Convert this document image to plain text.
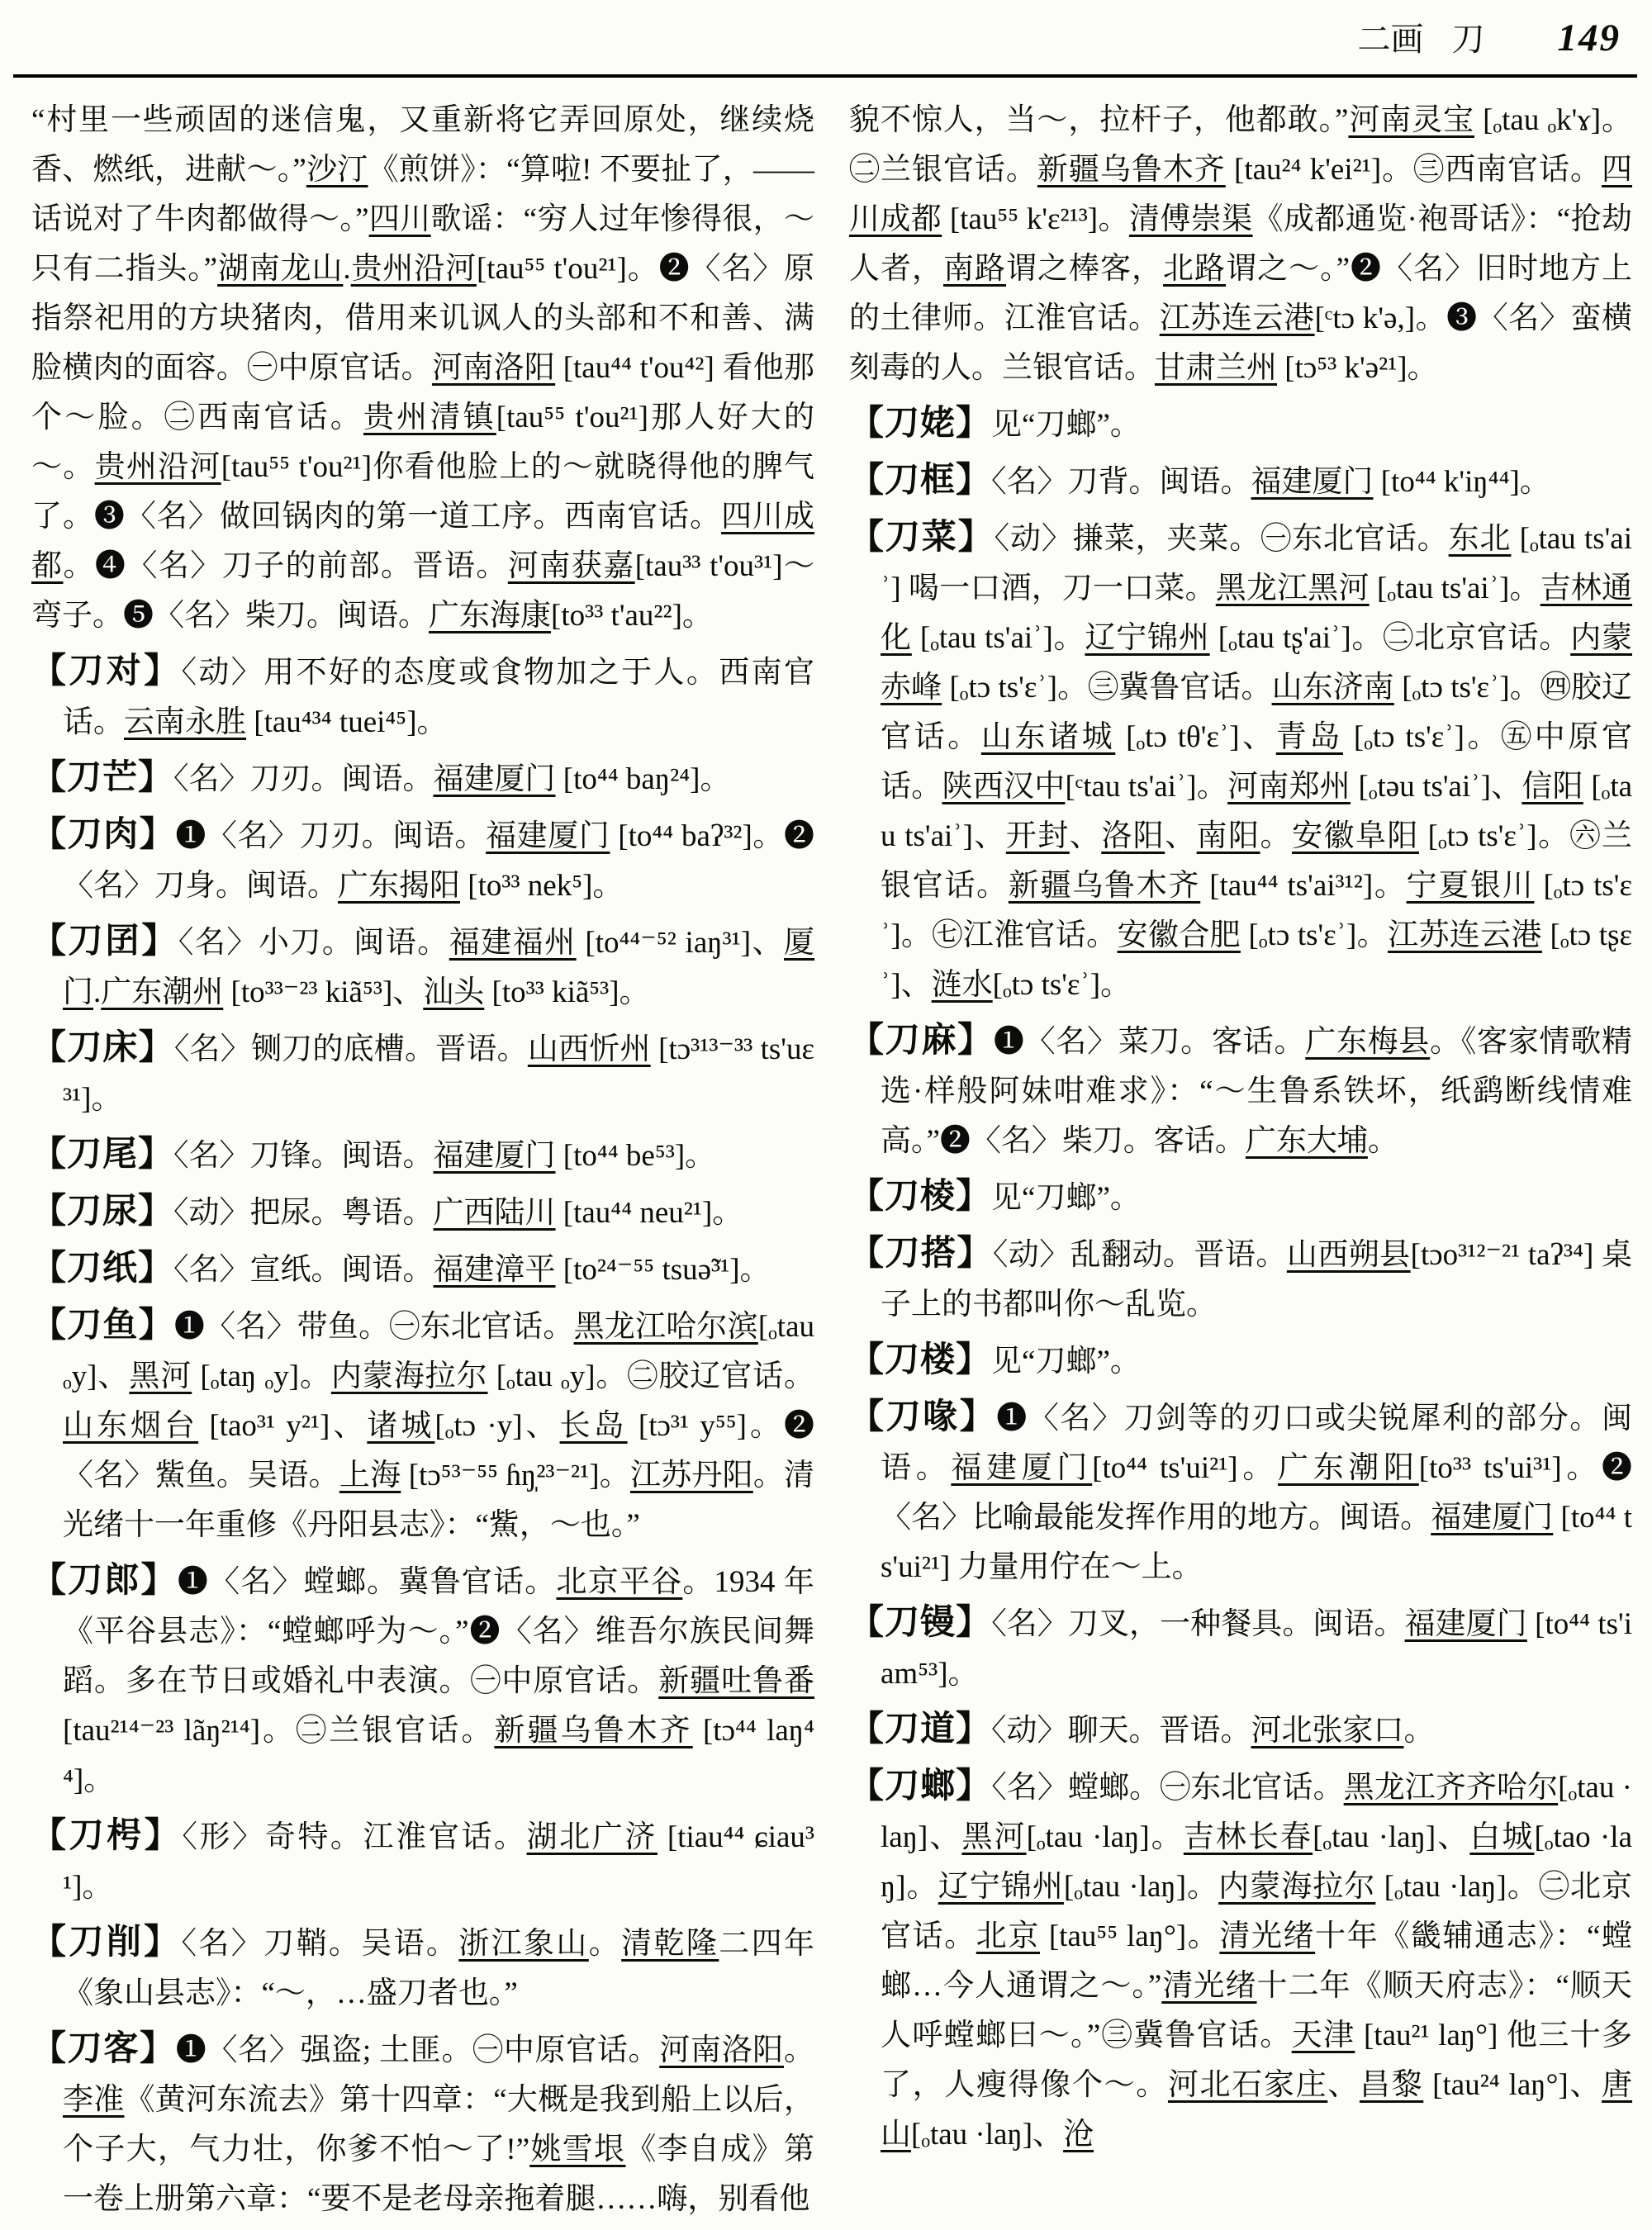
二画 刀 149
“村里一些顽固的迷信鬼，又重新将它弄回原处，继续烧香、燃纸，进献～。”沙汀《煎饼》：“算啦! 不要扯了，——话说对了牛肉都做得～。”四川歌谣：“穷人过年惨得很，～只有二指头。”湖南龙山.贵州沿河[tau⁵⁵ t'ou²¹]。❷〈名〉原指祭祀用的方块猪肉，借用来讥讽人的头部和不和善、满脸横肉的面容。㊀中原官话。河南洛阳 [tau⁴⁴ t'ou⁴²] 看他那个～脸。㊁西南官话。贵州清镇[tau⁵⁵ t'ou²¹]那人好大的～。贵州沿河[tau⁵⁵ t'ou²¹]你看他脸上的～就晓得他的脾气了。❸〈名〉做回锅肉的第一道工序。西南官话。四川成都。❹〈名〉刀子的前部。晋语。河南获嘉[tau³³ t'ou³¹]～弯子。❺〈名〉柴刀。闽语。广东海康[to³³ t'au²²]。
【刀对】〈动〉用不好的态度或食物加之于人。西南官话。云南永胜 [tau⁴³⁴ tuei⁴⁵]。
【刀芒】〈名〉刀刃。闽语。福建厦门 [to⁴⁴ baŋ²⁴]。
【刀肉】❶〈名〉刀刃。闽语。福建厦门 [to⁴⁴ baʔ³²]。❷〈名〉刀身。闽语。广东揭阳 [to³³ nek⁵]。
【刀囝】〈名〉小刀。闽语。福建福州 [to⁴⁴⁻⁵² iaŋ³¹]、厦门.广东潮州 [to³³⁻²³ kiã⁵³]、汕头 [to³³ kiã⁵³]。
【刀床】〈名〉铡刀的底槽。晋语。山西忻州 [tɔ³¹³⁻³³ ts'uɛ³¹]。
【刀尾】〈名〉刀锋。闽语。福建厦门 [to⁴⁴ be⁵³]。
【刀尿】〈动〉把尿。粤语。广西陆川 [tau⁴⁴ neu²¹]。
【刀纸】〈名〉宣纸。闽语。福建漳平 [to²⁴⁻⁵⁵ tsuə̃³¹]。
【刀鱼】❶〈名〉带鱼。㊀东北官话。黑龙江哈尔滨[ₒtau ₒy]、黑河 [ₒtaŋ ₒy]。内蒙海拉尔 [ₒtau ₒy]。㊁胶辽官话。山东烟台 [tao³¹ y²¹]、诸城[ₒtɔ ·y]、长岛 [tɔ³¹ y⁵⁵]。❷〈名〉鮆鱼。吴语。上海 [tɔ⁵³⁻⁵⁵ ɦŋ̩²³⁻²¹]。江苏丹阳。清光绪十一年重修《丹阳县志》：“鮆，～也。”
【刀郎】❶〈名〉螳螂。冀鲁官话。北京平谷。1934 年《平谷县志》：“螳螂呼为～。”❷〈名〉维吾尔族民间舞蹈。多在节日或婚礼中表演。㊀中原官话。新疆吐鲁番 [tau²¹⁴⁻²³ lãŋ²¹⁴]。㊁兰银官话。新疆乌鲁木齐 [tɔ⁴⁴ laŋ⁴⁴]。
【刀枵】〈形〉奇特。江淮官话。湖北广济 [tiau⁴⁴ ɕiau³¹]。
【刀削】〈名〉刀鞘。吴语。浙江象山。清乾隆二四年《象山县志》：“～，…盛刀者也。”
【刀客】❶〈名〉强盗; 土匪。㊀中原官话。河南洛阳。李准《黄河东流去》第十四章：“大概是我到船上以后，个子大，气力壮，你爹不怕～了!”姚雪垠《李自成》第一卷上册第六章：“要不是老母亲拖着腿……嗨，别看他
貌不惊人，当～，拉杆子，他都敢。”河南灵宝 [ₒtau ₒk'ɤ]。㊁兰银官话。新疆乌鲁木齐 [tau²⁴ k'ei²¹]。㊂西南官话。四川成都 [tau⁵⁵ k'ɛ²¹³]。清傅崇渠《成都通览·袍哥话》：“抢劫人者，南路谓之棒客，北路谓之～。”❷〈名〉旧时地方上的土律师。江淮官话。江苏连云港[ᶜtɔ k'ə,]。❸〈名〉蛮横刻毒的人。兰银官话。甘肃兰州 [tɔ⁵³ k'ə²¹]。
【刀姥】见“刀螂”。
【刀框】〈名〉刀背。闽语。福建厦门 [to⁴⁴ k'iŋ⁴⁴]。
【刀菜】〈动〉搛菜，夹菜。㊀东北官话。东北 [ₒtau ts'aiʾ] 喝一口酒，刀一口菜。黑龙江黑河 [ₒtau ts'aiʾ]。吉林通化 [ₒtau ts'aiʾ]。辽宁锦州 [ₒtau tʂ'aiʾ]。㊁北京官话。内蒙赤峰 [ₒtɔ ts'ɛʾ]。㊂冀鲁官话。山东济南 [ₒtɔ ts'ɛʾ]。㊃胶辽官话。山东诸城 [ₒtɔ tθ'ɛʾ]、青岛 [ₒtɔ ts'ɛʾ]。㊄中原官话。陕西汉中[ᶜtau ts'aiʾ]。河南郑州 [ₒtəu ts'aiʾ]、信阳 [ₒtau ts'aiʾ]、开封、洛阳、南阳。安徽阜阳 [ₒtɔ ts'ɛʾ]。㊅兰银官话。新疆乌鲁木齐 [tau⁴⁴ ts'ai³¹²]。宁夏银川 [ₒtɔ ts'ɛʾ]。㊆江淮官话。安徽合肥 [ₒtɔ ts'ɛʾ]。江苏连云港 [ₒtɔ tʂɛʾ]、涟水[ₒtɔ ts'ɛʾ]。
【刀麻】❶〈名〉菜刀。客话。广东梅县。《客家情歌精选·样般阿妹咁难求》：“～生鲁系铁坏，纸鹞断线情难高。”❷〈名〉柴刀。客话。广东大埔。
【刀棱】见“刀螂”。
【刀搭】〈动〉乱翻动。晋语。山西朔县[tɔo³¹²⁻²¹ taʔ³⁴] 桌子上的书都叫你～乱览。
【刀楼】见“刀螂”。
【刀喙】❶〈名〉刀剑等的刃口或尖锐犀利的部分。闽语。福建厦门[to⁴⁴ ts'ui²¹]。广东潮阳[to³³ ts'ui³¹]。❷〈名〉比喻最能发挥作用的地方。闽语。福建厦门 [to⁴⁴ ts'ui²¹] 力量用佇在～上。
【刀镘】〈名〉刀叉，一种餐具。闽语。福建厦门 [to⁴⁴ ts'iam⁵³]。
【刀道】〈动〉聊天。晋语。河北张家口。
【刀螂】〈名〉螳螂。㊀东北官话。黑龙江齐齐哈尔[ₒtau ·laŋ]、黑河[ₒtau ·laŋ]。吉林长春[ₒtau ·laŋ]、白城[ₒtao ·laŋ]。辽宁锦州[ₒtau ·laŋ]。内蒙海拉尔 [ₒtau ·laŋ]。㊁北京官话。北京 [tau⁵⁵ laŋ°]。清光绪十年《畿辅通志》：“螳螂…今人通谓之～。”清光绪十二年《顺天府志》：“顺天人呼螳螂曰～。”㊂冀鲁官话。天津 [tau²¹ laŋ°] 他三十多了，人瘦得像个～。河北石家庄、昌黎 [tau²⁴ laŋ°]、唐山[ₒtau ·laŋ]、沧
